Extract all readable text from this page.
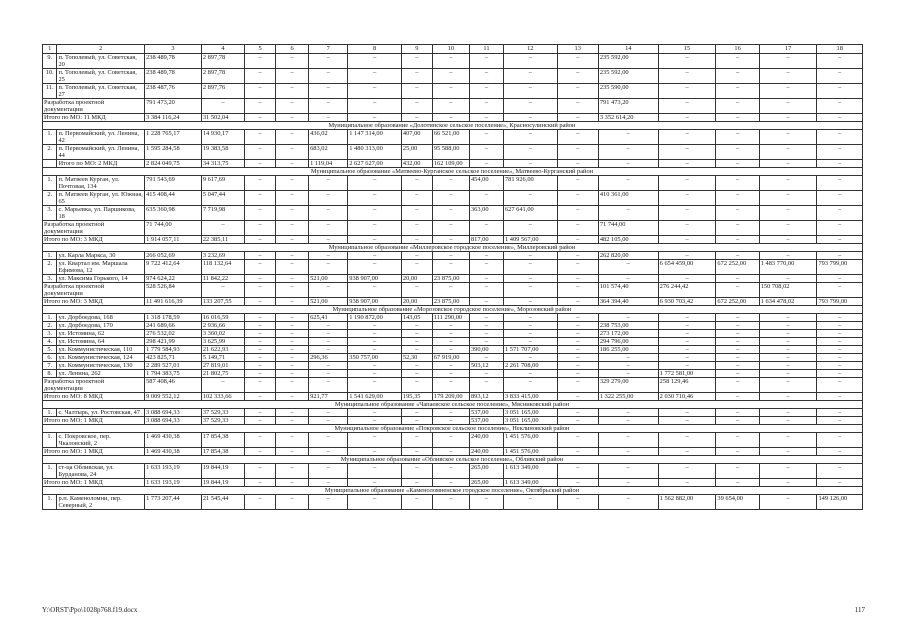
1	2	3	4	5	6	7	8	9	10	11	12	13	14	15	16	17	18
9.	п. Тополевый, ул. Советская, 20	238 489,78	2 897,78	–	–	–	–	–	–	–	–	–	235 592,00	–	–	–	–
10.	п. Тополевый, ул. Советская, 25	238 489,78	2 897,78	–	–	–	–	–	–	–	–	–	235 592,00	–	–	–	–
11.	п. Тополевый, ул. Советская, 27	238 487,76	2 897,76	–	–	–	–	–	–	–	–	–	235 590,00	–	–	–	–
Разработка проектной документации		791 473,20	–	–	–	–	–	–	–	–	–	–	791 473,20	–	–	–	–
Итого по МО: 11 МКД		3 384 116,24	31 502,04	–	–	–	–	–	–	–	–	–	3 352 614,20	–	–	–	–
Муниципальное образование «Долотинское сельское поселение», Красносулинский район																	
1.	п. Первомайский, ул. Ленина, 42	1 228 765,17	14 930,17	–	–	436,02	1 147 314,00	407,00	66 521,00	–	–	–	–	–	–	–	–
2.	п. Первомайский, ул. Ленина, 44	1 595 284,58	19 383,58	–	–	683,02	1 480 313,00	25,00	95 588,00	–	–	–	–	–	–	–	–
	Итого по МО: 2 МКД	2 824 049,75	34 313,75	–	–	1 119,04	2 627 627,00	432,00	162 109,00	–	–	–	–	–	–	–	–
Муниципальное образование «Матвеево-Курганское сельское поселение», Матвеево-Курганский район																	
1.	п. Матвеев Курган, ул. Почтовая, 134	791 543,69	9 617,69	–	–	–	–	–	–	454,00	781 926,00	–	–	–	–	–	–
2.	п. Матвеев Курган, ул. Южная, 65	415 408,44	5 047,44	–	–	–	–	–	–	–	–	–	410 361,00	–	–	–	–
3.	с. Марьевка, ул. Паршикова, 18	635 360,98	7 719,98	–	–	–	–	–	–	363,00	627 641,00	–	–	–	–	–	–
Разработка проектной документации		71 744,00	–	–	–	–	–	–	–	–	–	–	71 744,00	–	–	–	–
Итого по МО: 3 МКД		1 914 057,11	22 385,11	–	–	–	–	–	–	817,00	1 409 567,00	–	482 105,00	–	–	–	–
Муниципальное образование «Миллеровское городское поселение», Миллеровский район																	
1.	ул. Карла Маркса, 30	266 052,69	3 232,69	–	–	–	–	–	–	–	–	–	262 820,00	–	–	–	–
2.	ул. Квартал им. Маршала Ефимова, 12	9 722 412,64	118 132,64	–	–	–	–	–	–	–	–	–	–	6 654 459,00	672 252,00	1 483 770,00	793 799,00
3.	ул. Максима Горького, 14	974 624,22	11 842,22	–	–	521,00	938 907,00	20,00	23 875,00	–	–	–	–	–	–	–	–
Разработка проектной документации		528 526,84	–	–	–	–	–	–	–	–	–	–	101 574,40	276 244,42	–	150 708,02	–
Итого по МО: 3 МКД		11 491 616,39	133 207,55	–	–	521,00	938 907,00	20,00	23 875,00	–	–	–	364 394,40	6 930 703,42	672 252,00	1 634 478,02	793 799,00
Муниципальное образование «Морозовское городское поселение», Морозовский район																	
1.	ул. Дорбоедова, 168	1 318 178,59	16 016,59	–	–	625,41	1 190 872,00	143,05	111 290,00	–	–	–	–	–	–	–	–
2.	ул. Дорбоедова, 170	241 689,66	2 936,66	–	–	–	–	–	–	–	–	–	238 753,00	–	–	–	–
3.	ул. Истомина, 62	276 532,02	3 360,02	–	–	–	–	–	–	–	–	–	273 172,00	–	–	–	–
4.	ул. Истомина, 64	298 421,99	3 625,99	–	–	–	–	–	–	–	–	–	294 796,00	–	–	–	–
5.	ул. Коммунистическая, 110	1 779 584,93	21 622,93	–	–	–	–	–	–	390,00	1 571 707,00	–	186 255,00	–	–	–	–
6.	ул. Коммунистическая, 124	423 825,71	5 149,71	–	–	296,36	350 757,00	52,30	67 919,00	–	–	–	–	–	–	–	–
7.	ул. Коммунистическая, 130	2 289 527,01	27 819,01	–	–	–	–	–	–	503,12	2 261 708,00	–	–	–	–	–	–
8.	ул. Ленина, 262	1 794 383,75	21 802,75	–	–	–	–	–	–	–	–	–	–	1 772 581,00	–	–	–
Разработка проектной документации		587 408,46	–	–	–	–	–	–	–	–	–	–	329 279,00	258 129,46	–	–	–
Итого по МО: 8 МКД		9 009 552,12	102 333,66	–	–	921,77	1 541 629,00	195,35	179 209,00	893,12	3 833 415,00	–	1 322 255,00	2 030 710,46	–	–	–
Муниципальное образование «Чапаевское сельское поселение», Мясниковский район																	
1.	с. Чалтырь, ул. Ростовская, 47	3 088 694,33	37 529,33	–	–	–	–	–	–	537,00	3 051 165,00	–	–	–	–	–	–
Итого по МО: 1 МКД		3 088 694,33	37 529,33	–	–	–	–	–	–	537,00	3 051 165,00	–	–	–	–	–	–
Муниципальное образование «Покровское сельское поселение», Неклиновский район																	
1.	с. Покровское, пер. Чкаловский, 2	1 469 430,38	17 854,38	–	–	–	–	–	–	240,00	1 451 576,00	–	–	–	–	–	–
Итого по МО: 1 МКД		1 469 430,38	17 854,38	–	–	–	–	–	–	240,00	1 451 576,00	–	–	–	–	–	–
Муниципальное образование «Обливское сельское поселение», Обливский район																	
1.	ст-ца Обливская, ул. Бурданова, 24	1 633 193,19	19 844,19	–	–	–	–	–	–	265,00	1 613 349,00	–	–	–	–	–	–
Итого по МО: 1 МКД		1 633 193,19	19 844,19	–	–	–	–	–	–	265,00	1 613 349,00	–	–	–	–	–	–
Муниципальное образование «Каменоломненское городское поселение», Октябрьский район																	
1.	р.п. Каменоломни, пер. Северный, 2	1 773 207,44	21 545,44	–	–	–	–	–	–	–	–	–	–	1 562 882,00	39 654,00	–	149 126,00
Y:\ORST\Ppo\1028p768.f19.docx	117
